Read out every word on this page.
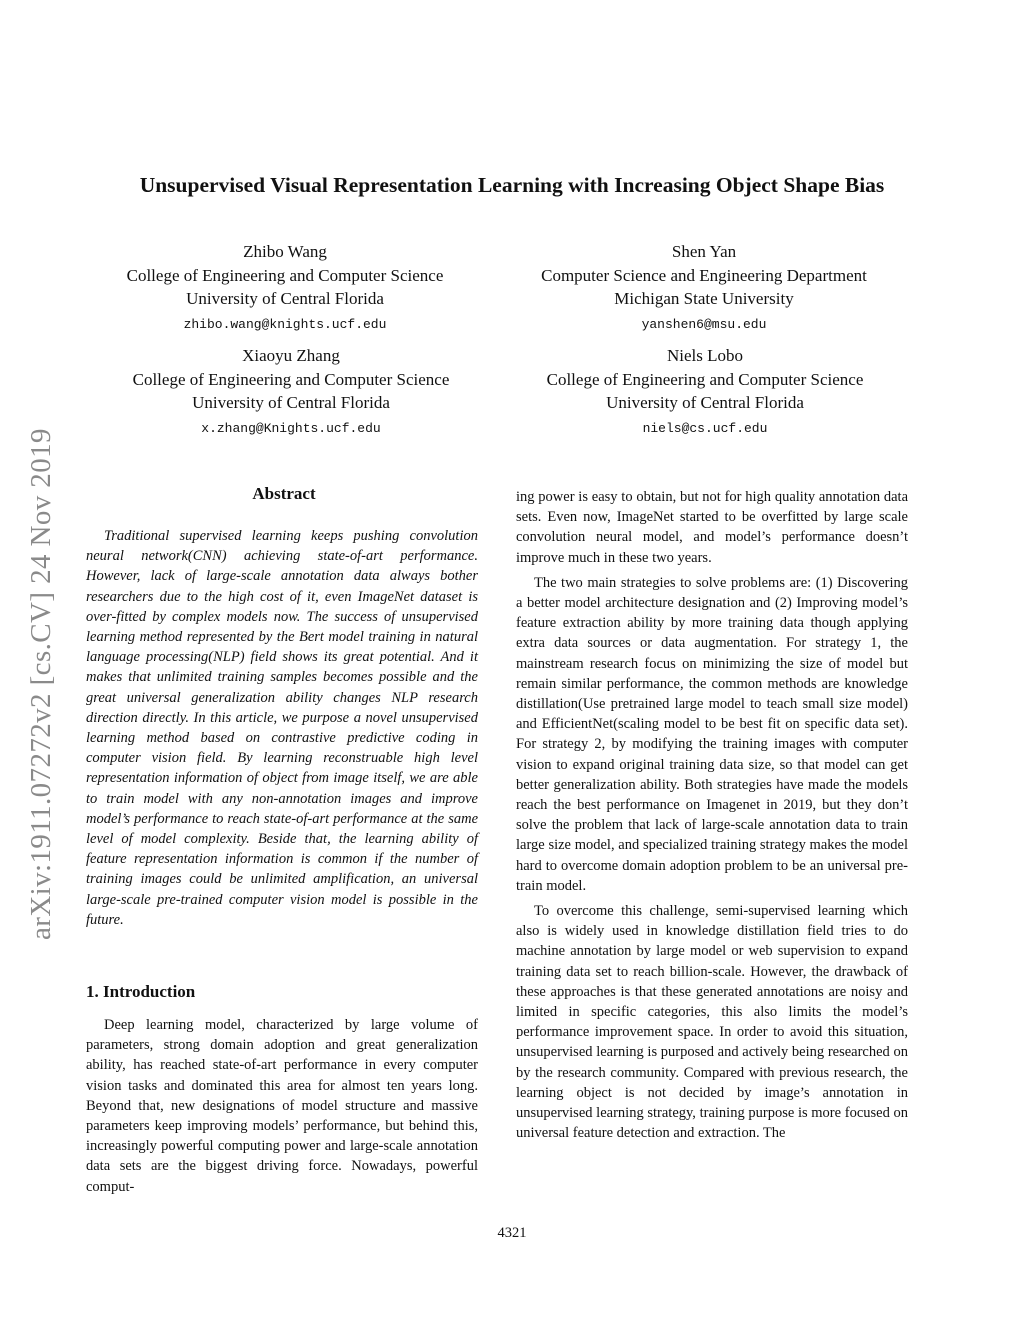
arXiv:1911.07272v2 [cs.CV] 24 Nov 2019
Unsupervised Visual Representation Learning with Increasing Object Shape Bias
Zhibo Wang
College of Engineering and Computer Science
University of Central Florida
zhibo.wang@knights.ucf.edu
Shen Yan
Computer Science and Engineering Department
Michigan State University
yanshen6@msu.edu
Xiaoyu Zhang
College of Engineering and Computer Science
University of Central Florida
x.zhang@Knights.ucf.edu
Niels Lobo
College of Engineering and Computer Science
University of Central Florida
niels@cs.ucf.edu
Abstract

Traditional supervised learning keeps pushing convolution neural network(CNN) achieving state-of-art performance. However, lack of large-scale annotation data always bother researchers due to the high cost of it, even ImageNet dataset is over-fitted by complex models now. The success of unsupervised learning method represented by the Bert model training in natural language processing(NLP) field shows its great potential. And it makes that unlimited training samples becomes possible and the great universal generalization ability changes NLP research direction directly. In this article, we purpose a novel unsupervised learning method based on contrastive predictive coding in computer vision field. By learning reconstruable high level representation information of object from image itself, we are able to train model with any non-annotation images and improve model’s performance to reach state-of-art performance at the same level of model complexity. Beside that, the learning ability of feature representation information is common if the number of training images could be unlimited amplification, an universal large-scale pre-trained computer vision model is possible in the future.

1. Introduction

Deep learning model, characterized by large volume of parameters, strong domain adoption and great generalization ability, has reached state-of-art performance in every computer vision tasks and dominated this area for almost ten years long. Beyond that, new designations of model structure and massive parameters keep improving models’ performance, but behind this, increasingly powerful computing power and large-scale annotation data sets are the biggest driving force. Nowadays, powerful comput-

ing power is easy to obtain, but not for high quality annotation data sets. Even now, ImageNet started to be overfitted by large scale convolution neural model, and model’s performance doesn’t improve much in these two years.

The two main strategies to solve problems are: (1) Discovering a better model architecture designation and (2) Improving model’s feature extraction ability by more training data though applying extra data sources or data augmentation. For strategy 1, the mainstream research focus on minimizing the size of model but remain similar performance, the common methods are knowledge distillation(Use pretrained large model to teach small size model) and EfficientNet(scaling model to be best fit on specific data set). For strategy 2, by modifying the training images with computer vision to expand original training data size, so that model can get better generalization ability. Both strategies have made the models reach the best performance on Imagenet in 2019, but they don’t solve the problem that lack of large-scale annotation data to train large size model, and specialized training strategy makes the model hard to overcome domain adoption problem to be an universal pre-train model.

To overcome this challenge, semi-supervised learning which also is widely used in knowledge distillation field tries to do machine annotation by large model or web supervision to expand training data set to reach billion-scale. However, the drawback of these approaches is that these generated annotations are noisy and limited in specific categories, this also limits the model’s performance improvement space. In order to avoid this situation, unsupervised learning is purposed and actively being researched on by the research community. Compared with previous research, the learning object is not decided by image’s annotation in unsupervised learning strategy, training purpose is more focused on universal feature detection and extraction. The

4321
